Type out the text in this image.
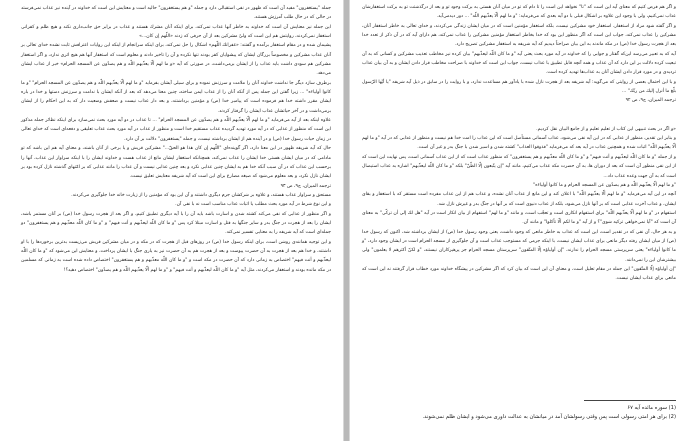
جمله "يستغفرون" مفيد آن است كه ظهور در نفى استقبالى دارد و جمله "و هم يستغفرون" حاليه است و معنايش اين است كه خداوند در آينده نيز عذاب نمى‌فرستد در حالى كه در حال طلب آمرزش هستند.

اين جمله نيز معنايش آن است كه خداوند به خاطر آنها عذاب نمى‌كند، براى اينكه آنان مشرك هستند و عذاب در برابر حق جانب‌داری نكند و هيچ ظلم و كفرانى استغفار نمى‌كردند، روايتش هم اين است كه ولیّ مشركين بعد از آن حرفى كه زدند «اللّهم إن كان...»

پشيمان شده و در مقام استغفار برآمده و گفتند: «غفرانك اللّهم» اشكال را حل نمى‌كند، براى اينكه سرانجام از اينكه اين روايات اعترافش ثابت نشده خداى تعالى بر آنان عذاب مشركين و مخصوصاً بزرگان ايشان كه پيشوايان كفر بودند تنها نكرده و آن را تاخير دادند و معلوم است كه استغفار آنها هم هيچ اثرى ندارد، و اگر استغفار مشركين هم سودى داشت بايد عذاب را از ايشان برمى‌داشت، در صورتى كه آيه «و ما لهم ألّا يعذّبهم اللّه و هم يصدّون عن المسجد الحرام» خبر از عذاب ايشان مى‌دهد.

برطرف سازد ديگر جا نداشت خداوند آنان را ملامت و سرزنش نموده و براى سيلى آيشان بفرمايد "و ما لهم ألّا يعذّبهم اللّه و هم يصدّون عن المسجد الحرام" "و ما كانوا أولياءه" ... زيرا گفتن اين جمله پس از آنكه آنان را از عذاب ايمن ساخته، چنين معنا مى‌دهد كه بعد از آنكه ايشان با ندامت و سرزنش دستها و خدا در باره ايشان مقرر داشته خدا هم فرموده است كه پيامبر خدا (ص) و مؤمنين برداشتند، و بعد دار عذاب نيست و ضعفش وضعيت دار كه به اين احكام را از ايشان برمى‌داشت و در آخر حياتشان عذاب ايشان را گرفتار كردند.

علاوه اينكه بعد از آيه مى‌فرمايد "و ما لهم ألّا يعذّبهم اللّه و هم يصدّون عن المسجد الحرام" ... تا عذاب در دو آيه مورد بحث نمى‌سازد براى اينكه نظائر جمله مذكور اين است كه منظور از عذابى كه در آيه مورد تهديد گرديده عذاب مستقيم خدا است و منظور از عذاب در آيه مورد بحث عذاب تعليقى و دفعه‌اى است كه خداى تعالى در زمان حيات رسول خدا (ص) و در آينده هم از ايشان برداشته نيست، و جمله "يستغفرون" دلالت بر آن دارد.

حال كه آيه شريفه ظهور در اين معنا دارد، اگر گوينده‌اى "اللّهم إن كان هذا هو الحقّ..." مشركين قريش و يا برخى از آنان باشند، و معناى آيه هم اين باشد كه تو مادامى كه در ميان ايشان هستى خدا ايشان را عذاب نمى‌كند، همچنانكه استغفار ايشان مانع از عذاب هست و خداوند ايشان را با اينكه سزاوار اين عذاب، آنها را برحسب اين عذاب كه در آن سبب آنكه خدا هم به ايشان چنين عذابى نكرد و بعد چنين عذابى نيست و آن عذاب را مانند عذابى كه بر امّتهاى گذشته نازل كرده بود بر ايشان نازل نكرد، و بعد معلوم مى‌شود كه صيغه مضارع براى اين است كه آيه شريفه معنايش تعليق نيست.

ترجمه الميزان، ج۹، ص ۹۳

مستحق و سزاوار عذاب هستند، و علاوه بر شركشان جرم ديگرى داشتند و آن اين بود كه مؤمنين را از زيارت خانه خدا جلوگيرى مى‌كردند.

و اين نوع شرط در آيه مورد بحث مطلب يا اثبات عذاب مناسب است نه با نفى آن.

و اگر منظور از عذابى كه نفى مى‌كند كشته شدن و اسارت باشد بايد آن را با آيه ديگرى تطبيق كنيم، و اگر بعد از هجرت رسول خدا (ص) بر آنان مستمر باشد، ايشان را بعد از هجرت در جنگ بدر و ساير جنگها به قتل و اسارت مبتلا كرد پس "و ما كان اللّه ليعذّبهم و أنت فيهم" و "و ما كان اللّه معذّبهم و هم يستغفرون" دو جمله‌اى است كه آيه شريفه را به معنايى تفسير نمى‌كند.

و اين توجيه همانندى روشن است، براى اينكه رسول خدا (ص) در روزهاى قبل از هجرت كه در مكه و در ميان مشركين قريش مى‌زيست بدترين برخوردها را با او داشتند، و خدا هم بعد از هجرت به آن حضرت پيوست و بعد از هجرت هم به آن حضرت نيز به يارى جنگ با ايشان پرداخت، و معنايش اين مى‌شود كه "و ما كان اللّه ليعذّبهم و أنت فيهم" اختصاص به زمانى دارد كه آن حضرت در مكه است و "و ما كان اللّه معذّبهم و هم يستغفرون" اختصاص داده شده است به زمانى كه مسلمين در مكه مانده بودند و استغفار مى‌كردند، مثل آيه "و ما كان اللّه ليعذّبهم و أنت فيهم" و "و ما لهم ألّا يعذّبهم اللّه و هم يصدّون" اختصاص دهيد؟!

و اگر هم فرض كنيم كه معناى آيه اين است كه "تا" نخواهد اين است را تا دام كه تو در ميان آنان هستى به بركت وجود تو و بعد از درگذشتت تو به بركت استغفارشان عذاب نمى‌كنيم، ولی با وجود این علاوه بر اشكال قبلی با دو آیه بعدی كه می‌فرماید: "و ما لهم ألّا يعذّبهم اللّه" ... دور دیدمی‌آید.

و اگر گفته شود مراد از استغفار، استغفار خود مشركين نیست، بلكه استغفار مؤمنين است كه در میان ایشان زندگی می‌كردند، و خدای تعالی به خاطر استغفار آنان، مشركين را عذاب نمی‌كند، جواب این است كه اگر منظور این بود كه خدا بخاطر استغفار مؤمنين مشركين را عذاب نمی‌كند، هم دارای آیه كه در آن ذکر از تعدد خدا بعد از هجرت رسول خدا (ص) در مكه ماندند به این بیان صراحتاً دیدیم كه آیه شریفه به استغفار مشركين تصریح دارد.

آیه كه به تعبیر می‌رسد این‌كه گفتار و جوابی را كه خداوند در آیه مورد بحث یعنی آیه "و ما كان اللّه ليعذّبهم" بیان كرده نیز مخاطب تعذیب مشركين و كسانی كه به آن تبعیت كرده دلالت بر این دارد كه آن عذاب و همه آنچه قابل تطبیق با عذاب نیست، جواب این است كه خداوند با صراحت مخاطب قرار دادن ایشان و به آن بیان عذاب تردیدی و در مورد قرار دادن ایشان آنان به عذاب‌ها تهدید كرده است.

و با این احتمال بعضی از روایتی كه می‌گوید: آیه شریفه بعد از هجرت نازل شده با یادآور هم مساعدت ندارد، و با روایت را در سابق در ذیل آیه شریفه "یا أیّها الرّسول بلّغ ما أنزل إلیك من ربّك" ...

ترجمه الميزان، ج۹، ص ۹۲

«و اگر در بحث تنبيهى اين كتاب از تعليم تعليم و از جامع البيان نقل كرديم.

و بنابر اين تقدير، منظور از عذابى كه در اين آيه نفى مى‌شود، عذاب آسمانى مستأصل است كه اين عذاب را امت خدا هم نيست و منظور از عذابى كه در آيه "و ما لهم ألّا يعذّبهم اللّه" اثبات شده و همچنين عذاب در آيه بعد كه مى‌فرمايد "فذوقوا العذاب" كشته شدن و اسير شدن با جنگ بدر و غير آن است.

و از جمله "و ما كان اللّه ليعذّبهم و أنت فيهم" و "و ما كان اللّه معذّبهم و هم يستغفرون" كه منظور عذاب است كه از اين عذاب آسمانى است، پس نهايت اين است كه از اين نفى منظور آن است كه بعد از دوران ها، به آن حضرت مكه عذاب مى‌كنيم، مانند آيه "إن يتّبعون إلّا الظّنّ" بلكه "و ما كان اللّه ليعذّبهم" اشاره به عذاب استيصال است كه به آن جهت وعده عذاب داد...

"و ما لهم ألّا يعذّبهم اللّه و هم يصدّون عن المسجد الحرام و ما كانوا أولياءه"

آنچه در اين آيه مى‌فرمايد "و ما لهم ألّا يعذّبهم اللّه" با اعلان كند و اين مانع از عذاب آنان نشده، و عذاب هم از اين عذاب مفرده است مستقر كه با استغفار و بقاى ايشان، و عذاب آخرت عذابى است كه بر آنها نازل مى‌شود، بلكه از عذاب دنيوى است كه بر آنها در جنگ بدر و غيرش نازل شد.

استفهام در "و ما لهم ألّا يعذّبهم اللّه" براى استفهام انكارى است و تعجّب است، و مانند "و ما لهم" استفهام از بيان انكار است در آيه "هل لك إلى أن تزكّى" به معناى آن است كه "آيا نمى‌خواهى تزكيه شوى"؟ و از آيه "و ما لكم ألّا تأكلوا" و مانند آن.

و به هر حال، آن نفى كه در تقدير است، اين است كه عذاب به خاطر مانعى كه وجود داشت، يعنى وجود رسول خدا (ص) از ايشان برداشته شد، اكنون كه رسول خدا (ص) از ميان ايشان رفته ديگر مانعى براى عذاب ايشان نيست، با اينكه جرمى كه مستوجب عذاب است و آن جلوگيرى از مسجد الحرام است در ايشان وجود دارد، "و ما كانوا أولياءه" يعنى سرپرستى مسجد الحرام را ندارند، "إن أولياؤه إلّا المتّقون" سرپرستان مسجد الحرام جز پرهيزكاران نيستند، "و لكنّ أكثرهم لا يعلمون" ولى بيشترشان اين را نمى‌دانند.

"إن أولياؤه إلّا المتّقون" اين جمله در مقام تعليل است، و معناى آن اين است كه بيان كرد كه اگر مشركين در پيشگاه خداوند مورد خطاب قرار گرفتند نه اين است كه مانعى براى عذاب ايشان نيست.

(1) سوره مائده آيه ۶۷
(2) براى هر امتى رسولى است پس وقتى رسولشان آمد در ميانشان به عدالت داورى مى‌شود و ايشان ظلم نمى‌شوند.
